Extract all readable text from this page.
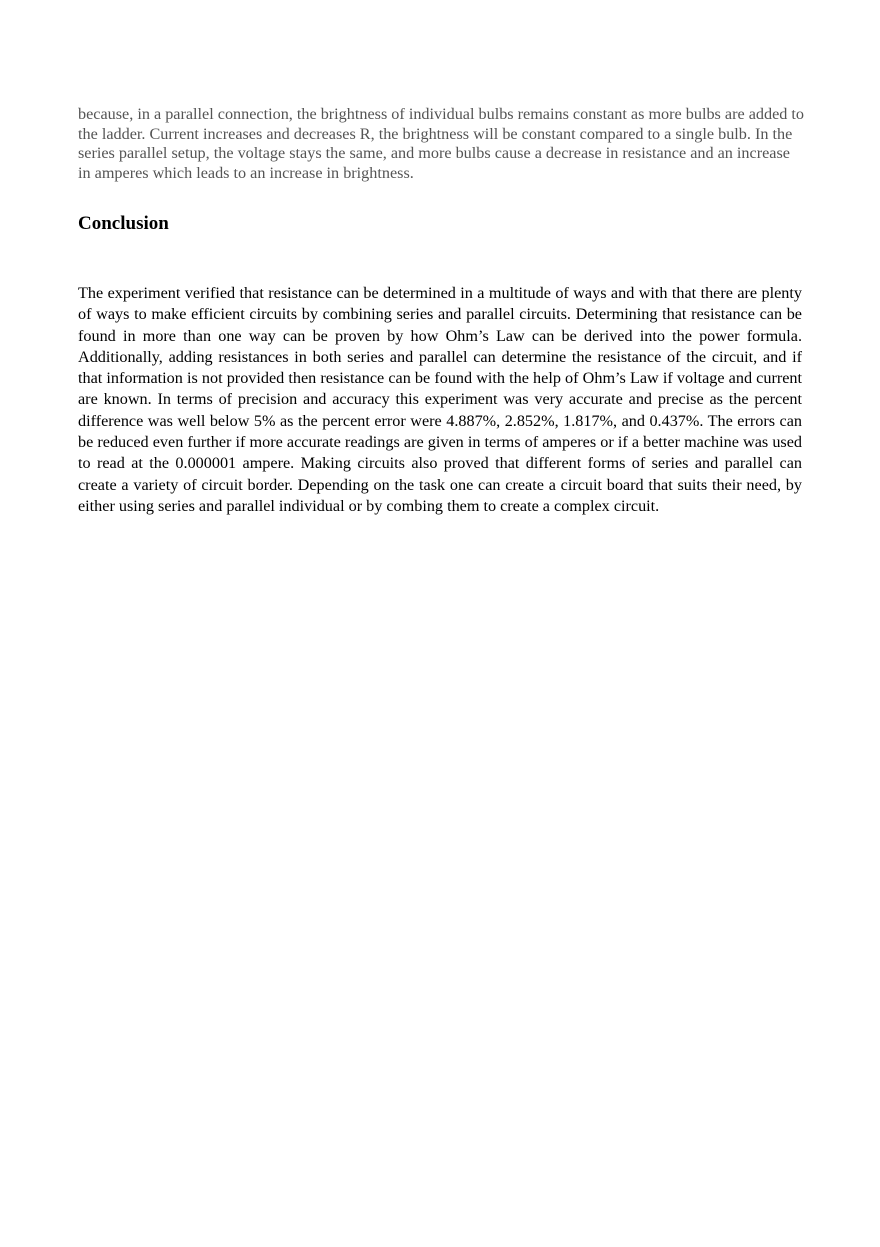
because, in a parallel connection, the brightness of individual bulbs remains constant as more bulbs are added to the ladder. Current increases and decreases R, the brightness will be constant compared to a single bulb. In the series parallel setup, the voltage stays the same, and more bulbs cause a decrease in resistance and an increase in amperes which leads to an increase in brightness.

Conclusion

The experiment verified that resistance can be determined in a multitude of ways and with that there are plenty of ways to make efficient circuits by combining series and parallel circuits. Determining that resistance can be found in more than one way can be proven by how Ohm’s Law can be derived into the power formula. Additionally, adding resistances in both series and parallel can determine the resistance of the circuit, and if that information is not provided then resistance can be found with the help of Ohm’s Law if voltage and current are known. In terms of precision and accuracy this experiment was very accurate and precise as the percent difference was well below 5% as the percent error were 4.887%, 2.852%, 1.817%, and 0.437%. The errors can be reduced even further if more accurate readings are given in terms of amperes or if a better machine was used to read at the 0.000001 ampere. Making circuits also proved that different forms of series and parallel can create a variety of circuit border. Depending on the task one can create a circuit board that suits their need, by either using series and parallel individual or by combing them to create a complex circuit.
